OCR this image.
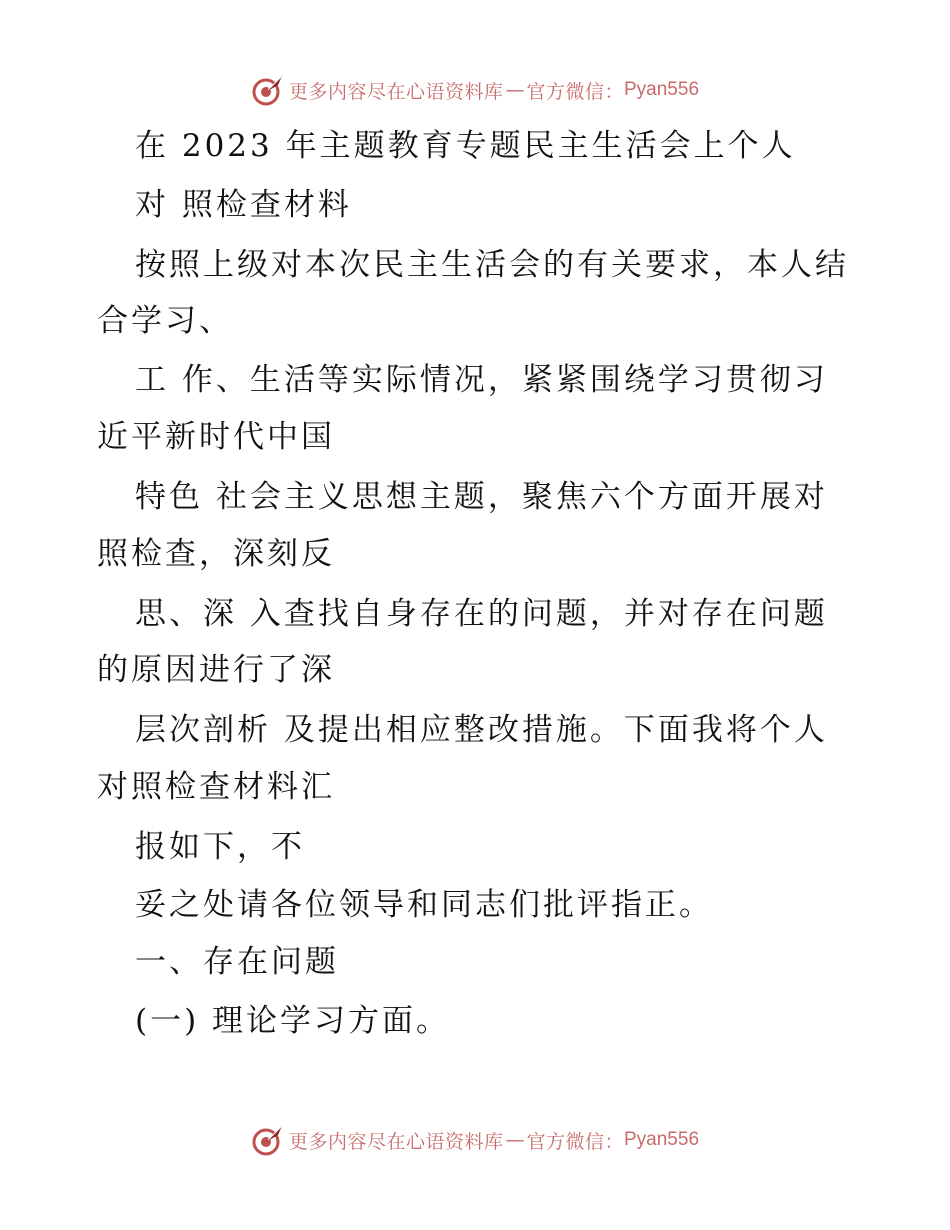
更多内容尽在心语资料库 — 官方微信： Pyan556
在 2023 年主题教育专题民主生活会上个人
对 照检查材料
按照上级对本次民主生活会的有关要求，本人结
合学习、
工 作、生活等实际情况，紧紧围绕学习贯彻习
近平新时代中国
特色 社会主义思想主题，聚焦六个方面开展对
照检查，深刻反
思、深 入查找自身存在的问题，并对存在问题
的原因进行了深
层次剖析 及提出相应整改措施。下面我将个人
对照检查材料汇
报如下，不
妥之处请各位领导和同志们批评指正。
一、存在问题
(一) 理论学习方面。
更多内容尽在心语资料库 — 官方微信： Pyan556
